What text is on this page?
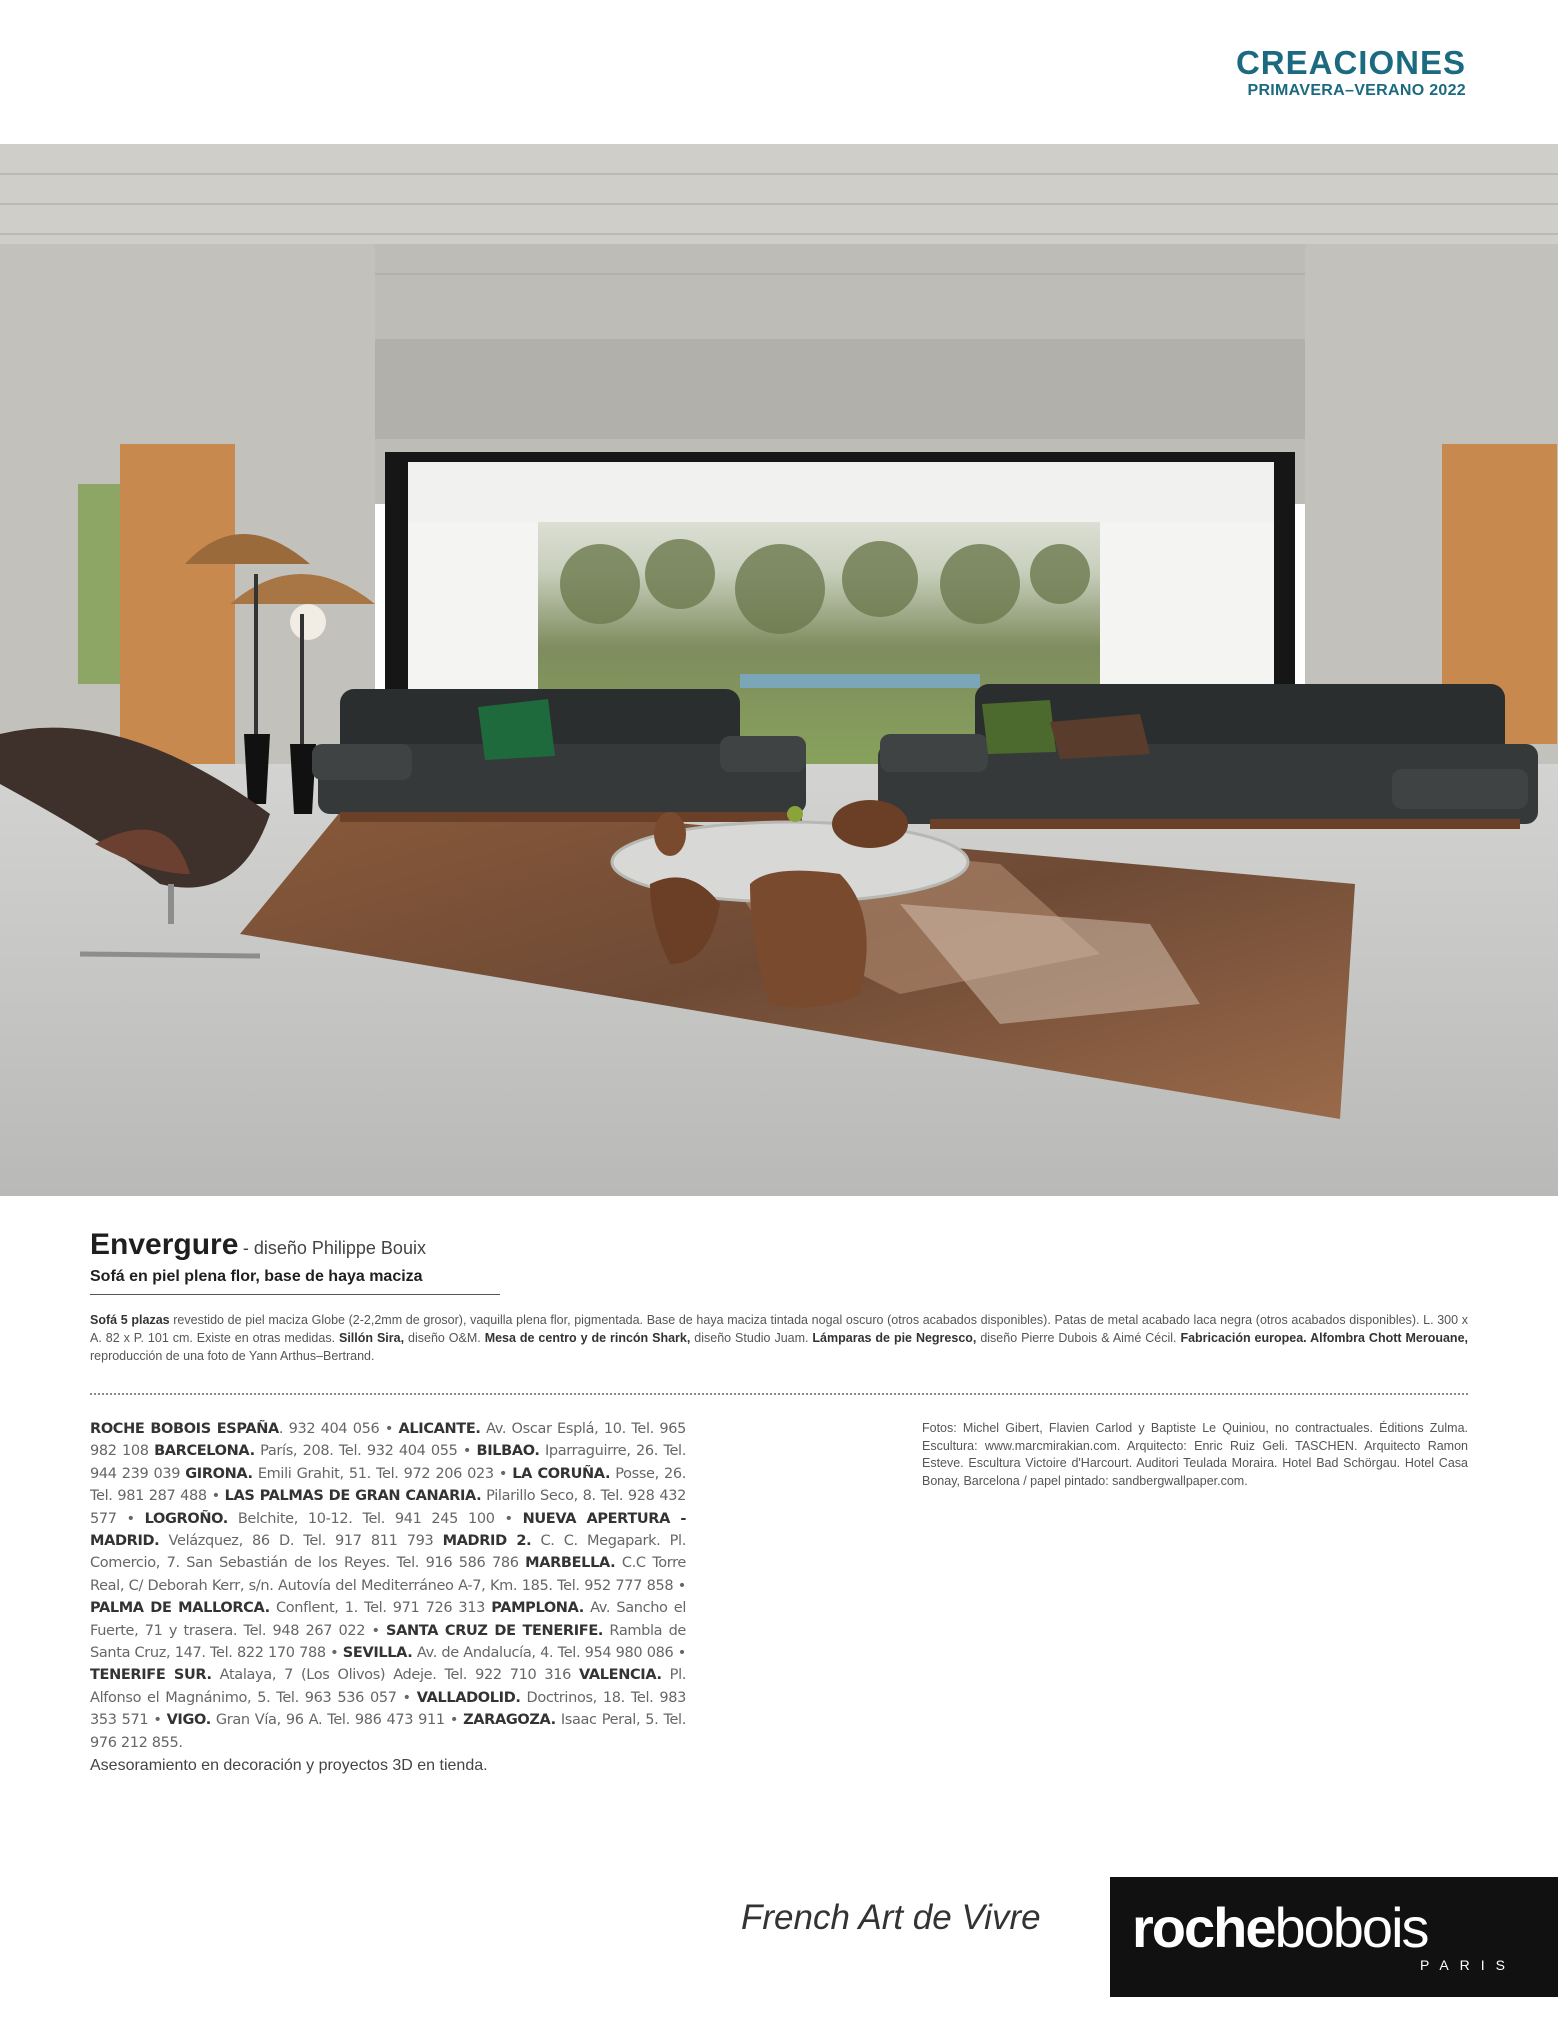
CREACIONES
PRIMAVERA–VERANO 2022
Envergure - diseño Philippe Bouix
Sofá en piel plena flor, base de haya maciza
Sofá 5 plazas revestido de piel maciza Globe (2-2,2mm de grosor), vaquilla plena flor, pigmentada. Base de haya maciza tintada nogal oscuro (otros acabados disponibles). Patas de metal acabado laca negra (otros acabados disponibles). L. 300 x A. 82 x P. 101 cm. Existe en otras medidas. Sillón Sira, diseño O&M. Mesa de centro y de rincón Shark, diseño Studio Juam. Lámparas de pie Negresco, diseño Pierre Dubois & Aimé Cécil. Fabricación europea. Alfombra Chott Merouane, reproducción de una foto de Yann Arthus–Bertrand.
ROCHE BOBOIS ESPAÑA. 932 404 056 • ALICANTE. Av. Oscar Esplá, 10. Tel. 965 982 108 BARCELONA. París, 208. Tel. 932 404 055 • BILBAO. Iparraguirre, 26. Tel. 944 239 039 GIRONA. Emili Grahit, 51. Tel. 972 206 023 • LA CORUÑA. Posse, 26. Tel. 981 287 488 • LAS PALMAS DE GRAN CANARIA. Pilarillo Seco, 8. Tel. 928 432 577 • LOGROÑO. Belchite, 10-12. Tel. 941 245 100 • NUEVA APERTURA - MADRID. Velázquez, 86 D. Tel. 917 811 793 MADRID 2. C. C. Megapark. Pl. Comercio, 7. San Sebastián de los Reyes. Tel. 916 586 786 MARBELLA. C.C Torre Real, C/ Deborah Kerr, s/n. Autovía del Mediterráneo A-7, Km. 185. Tel. 952 777 858 • PALMA DE MALLORCA. Conflent, 1. Tel. 971 726 313 PAMPLONA. Av. Sancho el Fuerte, 71 y trasera. Tel. 948 267 022 • SANTA CRUZ DE TENERIFE. Rambla de Santa Cruz, 147. Tel. 822 170 788 • SEVILLA. Av. de Andalucía, 4. Tel. 954 980 086 • TENERIFE SUR. Atalaya, 7 (Los Olivos) Adeje. Tel. 922 710 316 VALENCIA. Pl. Alfonso el Magnánimo, 5. Tel. 963 536 057 • VALLADOLID. Doctrinos, 18. Tel. 983 353 571 • VIGO. Gran Vía, 96 A. Tel. 986 473 911 • ZARAGOZA. Isaac Peral, 5. Tel. 976 212 855.
Fotos: Michel Gibert, Flavien Carlod y Baptiste Le Quiniou, no contractuales. Éditions Zulma. Escultura: www.marcmirakian.com. Arquitecto: Enric Ruiz Geli. TASCHEN. Arquitecto Ramon Esteve. Escultura Victoire d'Harcourt. Auditori Teulada Moraira. Hotel Bad Schörgau. Hotel Casa Bonay, Barcelona / papel pintado: sandbergwallpaper.com.
Asesoramiento en decoración y proyectos 3D en tienda.
French Art de Vivre rochebobois
PARIS
